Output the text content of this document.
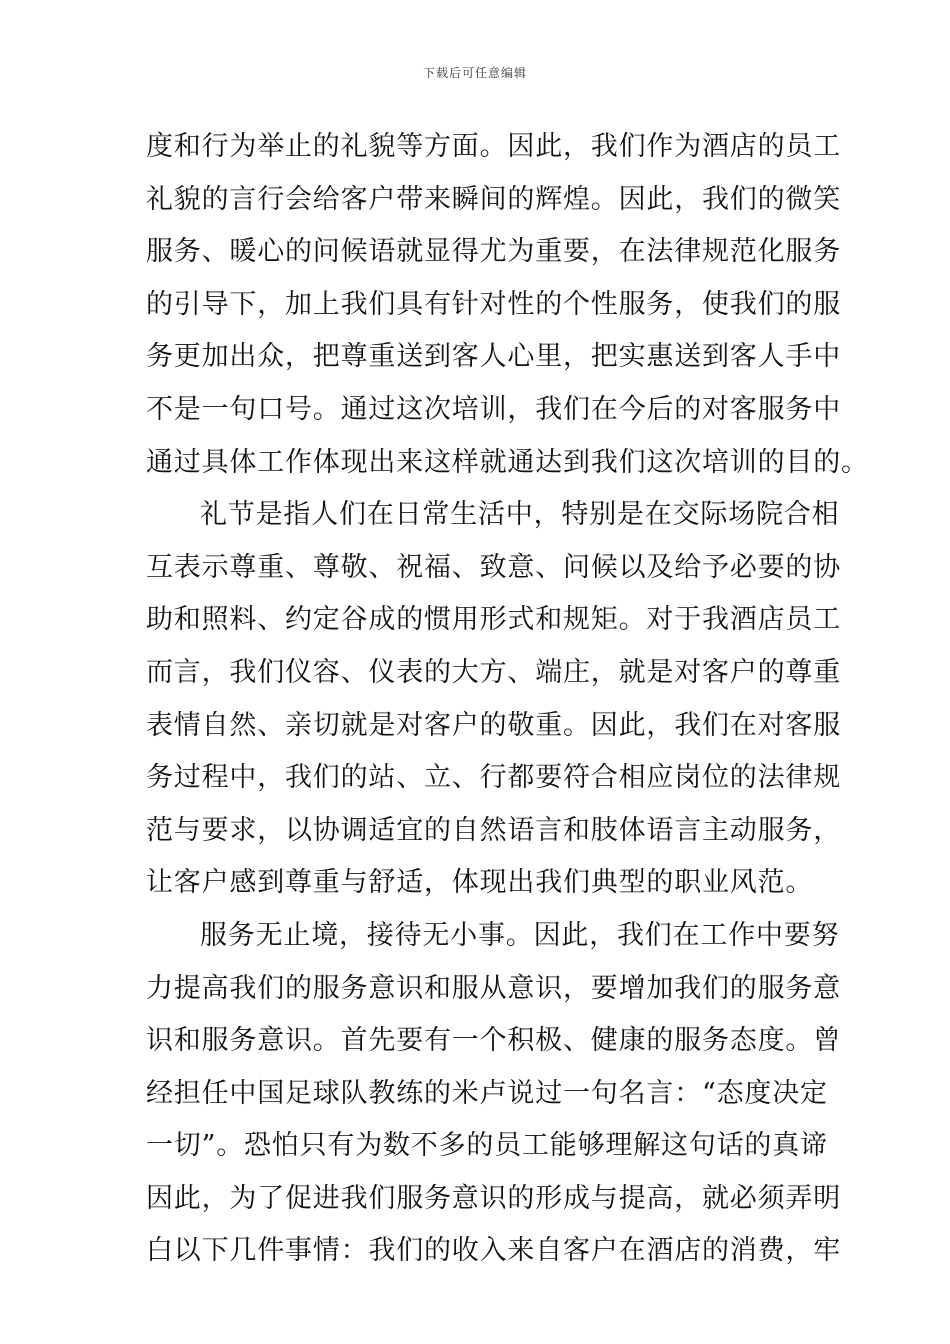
下载后可任意编辑
度和行为举止的礼貌等方面。因此，我们作为酒店的员工
礼貌的言行会给客户带来瞬间的辉煌。因此，我们的微笑
服务、暖心的问候语就显得尤为重要，在法律规范化服务
的引导下，加上我们具有针对性的个性服务，使我们的服
务更加出众，把尊重送到客人心里，把实惠送到客人手中
不是一句口号。通过这次培训，我们在今后的对客服务中
通过具体工作体现出来这样就通达到我们这次培训的目的。
礼节是指人们在日常生活中，特别是在交际场院合相
互表示尊重、尊敬、祝福、致意、问候以及给予必要的协
助和照料、约定谷成的惯用形式和规矩。对于我酒店员工
而言，我们仪容、仪表的大方、端庄，就是对客户的尊重
表情自然、亲切就是对客户的敬重。因此，我们在对客服
务过程中，我们的站、立、行都要符合相应岗位的法律规
范与要求，以协调适宜的自然语言和肢体语言主动服务，
让客户感到尊重与舒适，体现出我们典型的职业风范。
服务无止境，接待无小事。因此，我们在工作中要努
力提高我们的服务意识和服从意识，要增加我们的服务意
识和服务意识。首先要有一个积极、健康的服务态度。曾
经担任中国足球队教练的米卢说过一句名言：“态度决定
一切”。恐怕只有为数不多的员工能够理解这句话的真谛
因此，为了促进我们服务意识的形成与提高，就必须弄明
白以下几件事情：我们的收入来自客户在酒店的消费，牢
